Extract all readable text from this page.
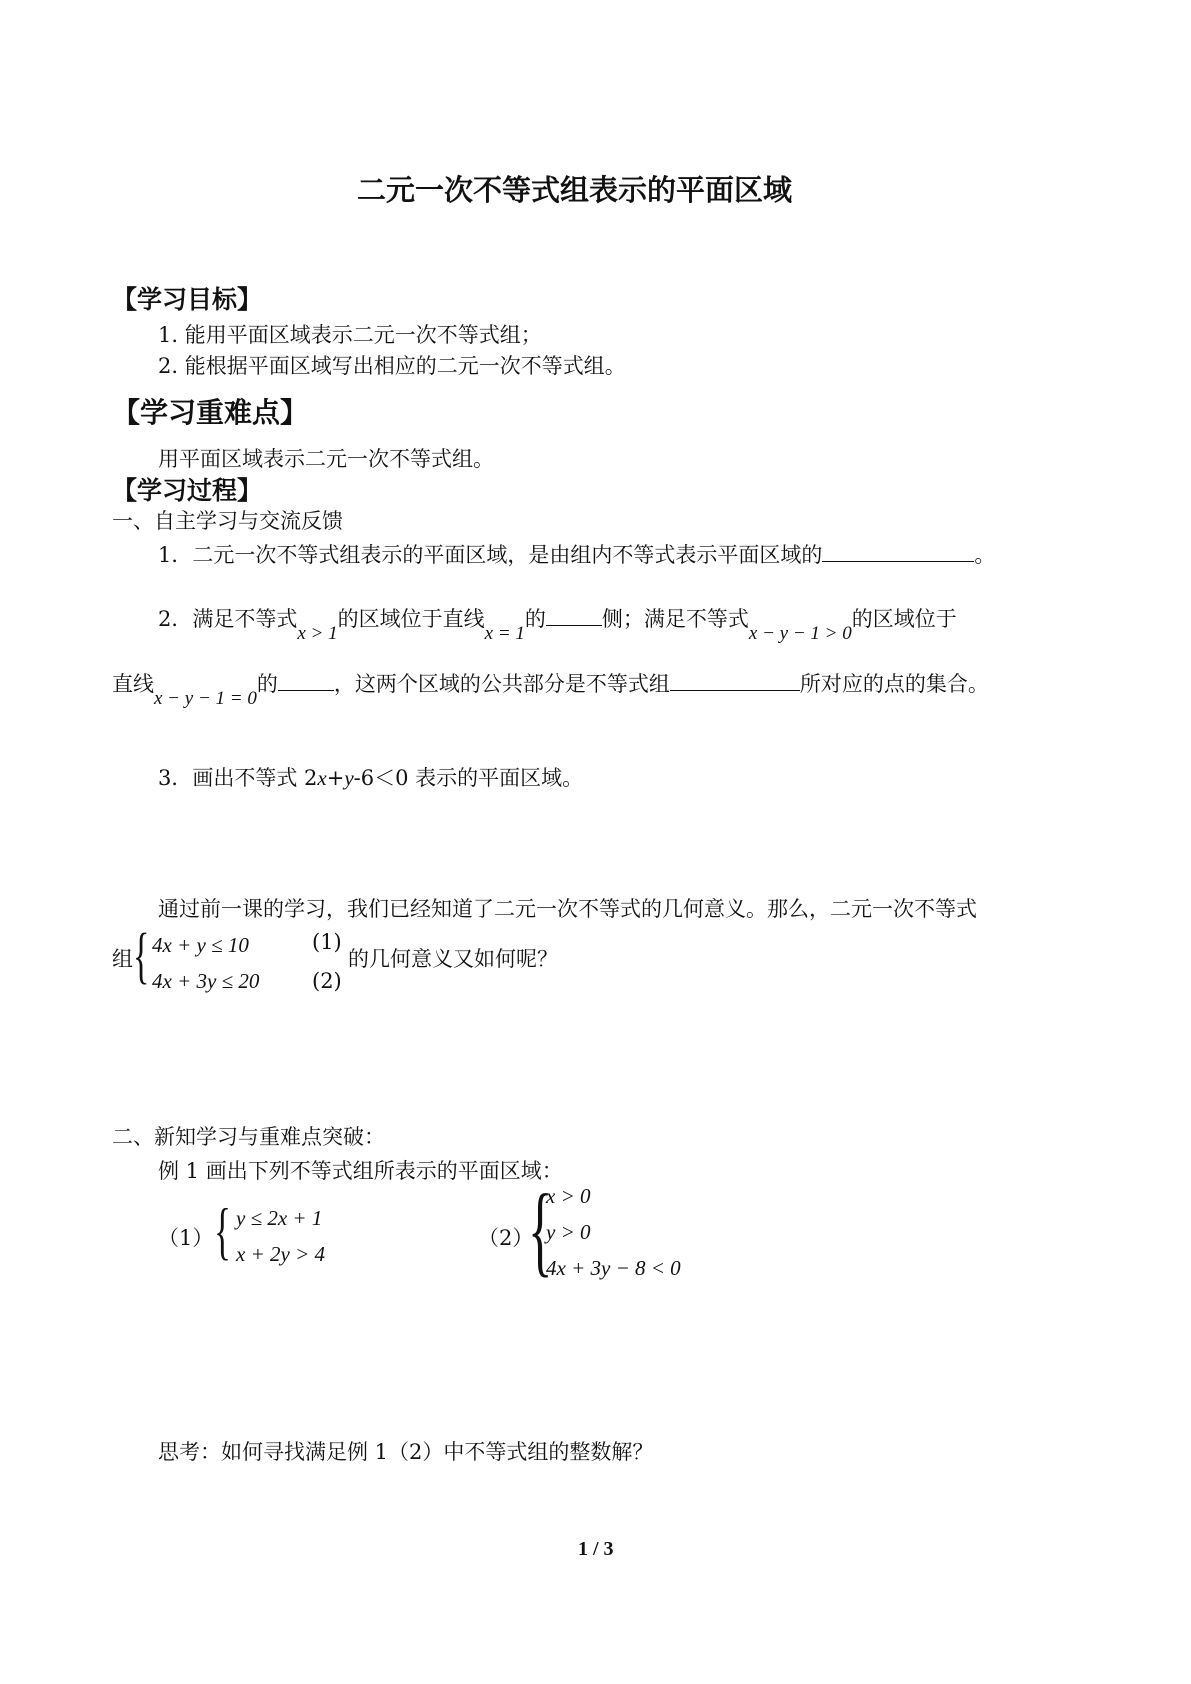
二元一次不等式组表示的平面区域
【学习目标】
1. 能用平面区域表示二元一次不等式组；
2. 能根据平面区域写出相应的二元一次不等式组。
【学习重难点】
用平面区域表示二元一次不等式组。
【学习过程】
一、自主学习与交流反馈
1．二元一次不等式组表示的平面区域，是由组内不等式表示平面区域的	。
2．满足不等式x > 1的区域位于直线x = 1的	侧；满足不等式x − y − 1 > 0的区域位于
直线x − y − 1 = 0的	，这两个区域的公共部分是不等式组	所对应的点的集合。
3．画出不等式 2x+y-6＜0 表示的平面区域。
通过前一课的学习，我们已经知道了二元一次不等式的几何意义。那么，二元一次不等式
组 { 4x + y ≤ 10	(1)
4x + 3y ≤ 20	(2)
的几何意义又如何呢？
二、新知学习与重难点突破：
例 1 画出下列不等式组所表示的平面区域：
（1） { y ≤ 2x + 1
x + 2y > 4
（2）
{
x > 0
y > 0
4x + 3y − 8 < 0
思考：如何寻找满足例 1（2）中不等式组的整数解？
1 / 3
